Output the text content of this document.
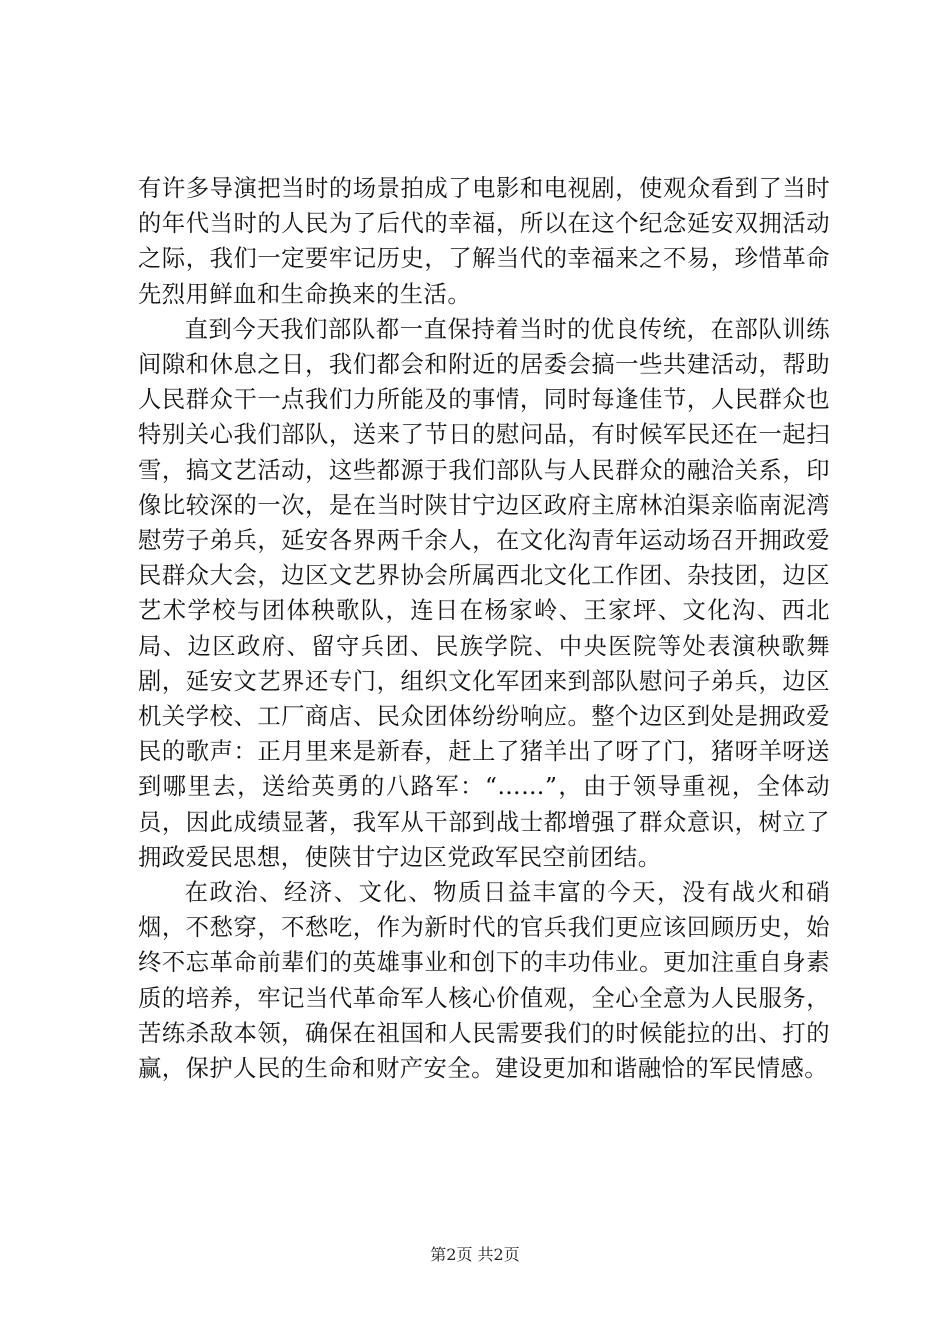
有许多导演把当时的场景拍成了电影和电视剧，使观众看到了当时的年代当时的人民为了后代的幸福，所以在这个纪念延安双拥活动之际，我们一定要牢记历史，了解当代的幸福来之不易，珍惜革命先烈用鲜血和生命换来的生活。

直到今天我们部队都一直保持着当时的优良传统，在部队训练间隙和休息之日，我们都会和附近的居委会搞一些共建活动，帮助人民群众干一点我们力所能及的事情，同时每逢佳节，人民群众也特别关心我们部队，送来了节日的慰问品，有时候军民还在一起扫雪，搞文艺活动，这些都源于我们部队与人民群众的融洽关系，印像比较深的一次，是在当时陕甘宁边区政府主席林泊渠亲临南泥湾慰劳子弟兵，延安各界两千余人，在文化沟青年运动场召开拥政爱民群众大会，边区文艺界协会所属西北文化工作团、杂技团，边区艺术学校与团体秧歌队，连日在杨家岭、王家坪、文化沟、西北局、边区政府、留守兵团、民族学院、中央医院等处表演秧歌舞剧，延安文艺界还专门，组织文化军团来到部队慰问子弟兵，边区机关学校、工厂商店、民众团体纷纷响应。整个边区到处是拥政爱民的歌声：正月里来是新春，赶上了猪羊出了呀了门，猪呀羊呀送到哪里去，送给英勇的八路军：“……”，由于领导重视，全体动员，因此成绩显著，我军从干部到战士都增强了群众意识，树立了拥政爱民思想，使陕甘宁边区党政军民空前团结。

在政治、经济、文化、物质日益丰富的今天，没有战火和硝烟，不愁穿，不愁吃，作为新时代的官兵我们更应该回顾历史，始终不忘革命前辈们的英雄事业和创下的丰功伟业。更加注重自身素质的培养，牢记当代革命军人核心价值观，全心全意为人民服务，苦练杀敌本领，确保在祖国和人民需要我们的时候能拉的出、打的赢，保护人民的生命和财产安全。建设更加和谐融恰的军民情感。

第2页 共2页
